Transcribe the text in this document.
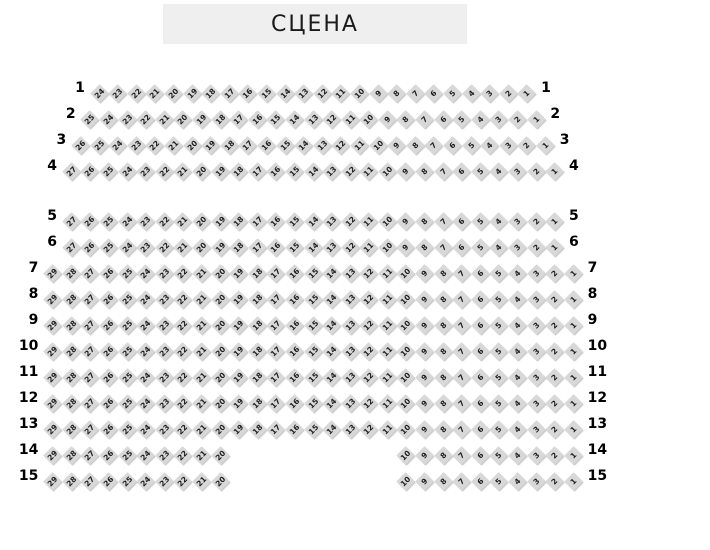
СЦЕНА
1 24 23 22 21 20 19 18 17 16 15 14 13 12 11 10 9	8	7	6	5	4	3	2	1 1
2 25 24 23 22 21 20 19 18 17 16 15 14 13 12 11 10 9	8	7	6	5	4	3	2	1 2
3 26 25 24 23 22 21 20 19 18 17 16 15 14 13 12 11 10 9	8	7	6	5	4	3	2	1 3
4 27 26 25 24 23 22 21 20 19 18 17 16 15 14 13 12 11 10 9	8	7	6	5	4	3	2	1 4
5 27 26 25 24 23 22 21 20 19 18 17 16 15 14 13 12 11 10 9	8	7	6	5	4	3	2	1 5
6 27 26 25 24 23 22 21 20 19 18 17 16 15 14 13 12 11 10 9	8	7	6	5	4	3	2	1 6
7 29 28 27 26 25 24 23 22 21 20 19 18 17 16 15 14 13 12 11 10 9	8	7	6	5	4	3	2	1 7
8 29 28 27 26 25 24 23 22 21 20 19 18 17 16 15 14 13 12 11 10 9	8	7	6	5	4	3	2	1 8
9 29 28 27 26 25 24 23 22 21 20 19 18 17 16 15 14 13 12 11 10 9	8	7	6	5	4	3	2	1 9
10 29 28 27 26 25 24 23 22 21 20 19 18 17 16 15 14 13 12 11 10 9	8	7	6	5	4	3	2	1 10
11 29 28 27 26 25 24 23 22 21 20 19 18 17 16 15 14 13 12 11 10 9	8	7	6	5	4	3	2	1 11
12 29 28 27 26 25 24 23 22 21 20 19 18 17 16 15 14 13 12 11 10 9	8	7	6	5	4	3	2	1 12
13 29 28 27 26 25 24 23 22 21 20 19 18 17 16 15 14 13 12 11 10 9	8	7	6	5	4	3	2	1 13
14 29 28 27 26 25 24 23 22 21 20	10 9	8	7	6	5	4	3	2	1 14
15 29 28 27 26 25 24 23 22 21 20	10 9	8	7	6	5	4	3	2	1 15
